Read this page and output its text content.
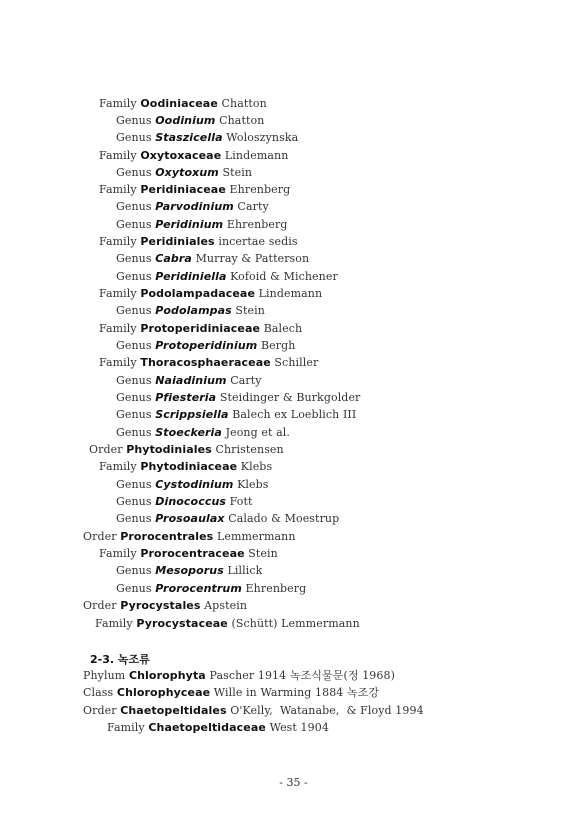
Family Oodiniaceae Chatton
Genus Oodinium Chatton
Genus Staszicella Woloszynska
Family Oxytoxaceae Lindemann
Genus Oxytoxum Stein
Family Peridiniaceae Ehrenberg
Genus Parvodinium Carty
Genus Peridinium Ehrenberg
Family Peridiniales incertae sedis
Genus Cabra Murray & Patterson
Genus Peridiniella Kofoid & Michener
Family Podolampadaceae Lindemann
Genus Podolampas Stein
Family Protoperidiniaceae Balech
Genus Protoperidinium Bergh
Family Thoracosphaeraceae Schiller
Genus Naiadinium Carty
Genus Pfiesteria Steidinger & Burkgolder
Genus Scrippsiella Balech ex Loeblich III
Genus Stoeckeria Jeong et al.
Order Phytodiniales Christensen
Family Phytodiniaceae Klebs
Genus Cystodinium Klebs
Genus Dinococcus Fott
Genus Prosoaulax Calado & Moestrup
Order Prorocentrales Lemmermann
Family Prorocentraceae Stein
Genus Mesoporus Lillick
Genus Prorocentrum Ehrenberg
Order Pyrocystales Apstein
Family Pyrocystaceae (Schütt) Lemmermann
2-3. 녹조류
Phylum Chlorophyta Pascher 1914 녹조식물문(정 1968)
Class Chlorophyceae Wille in Warming 1884 녹조강
Order Chaetopeltidales O'Kelly,  Watanabe,  & Floyd 1994
Family Chaetopeltidaceae West 1904
- 35 -
